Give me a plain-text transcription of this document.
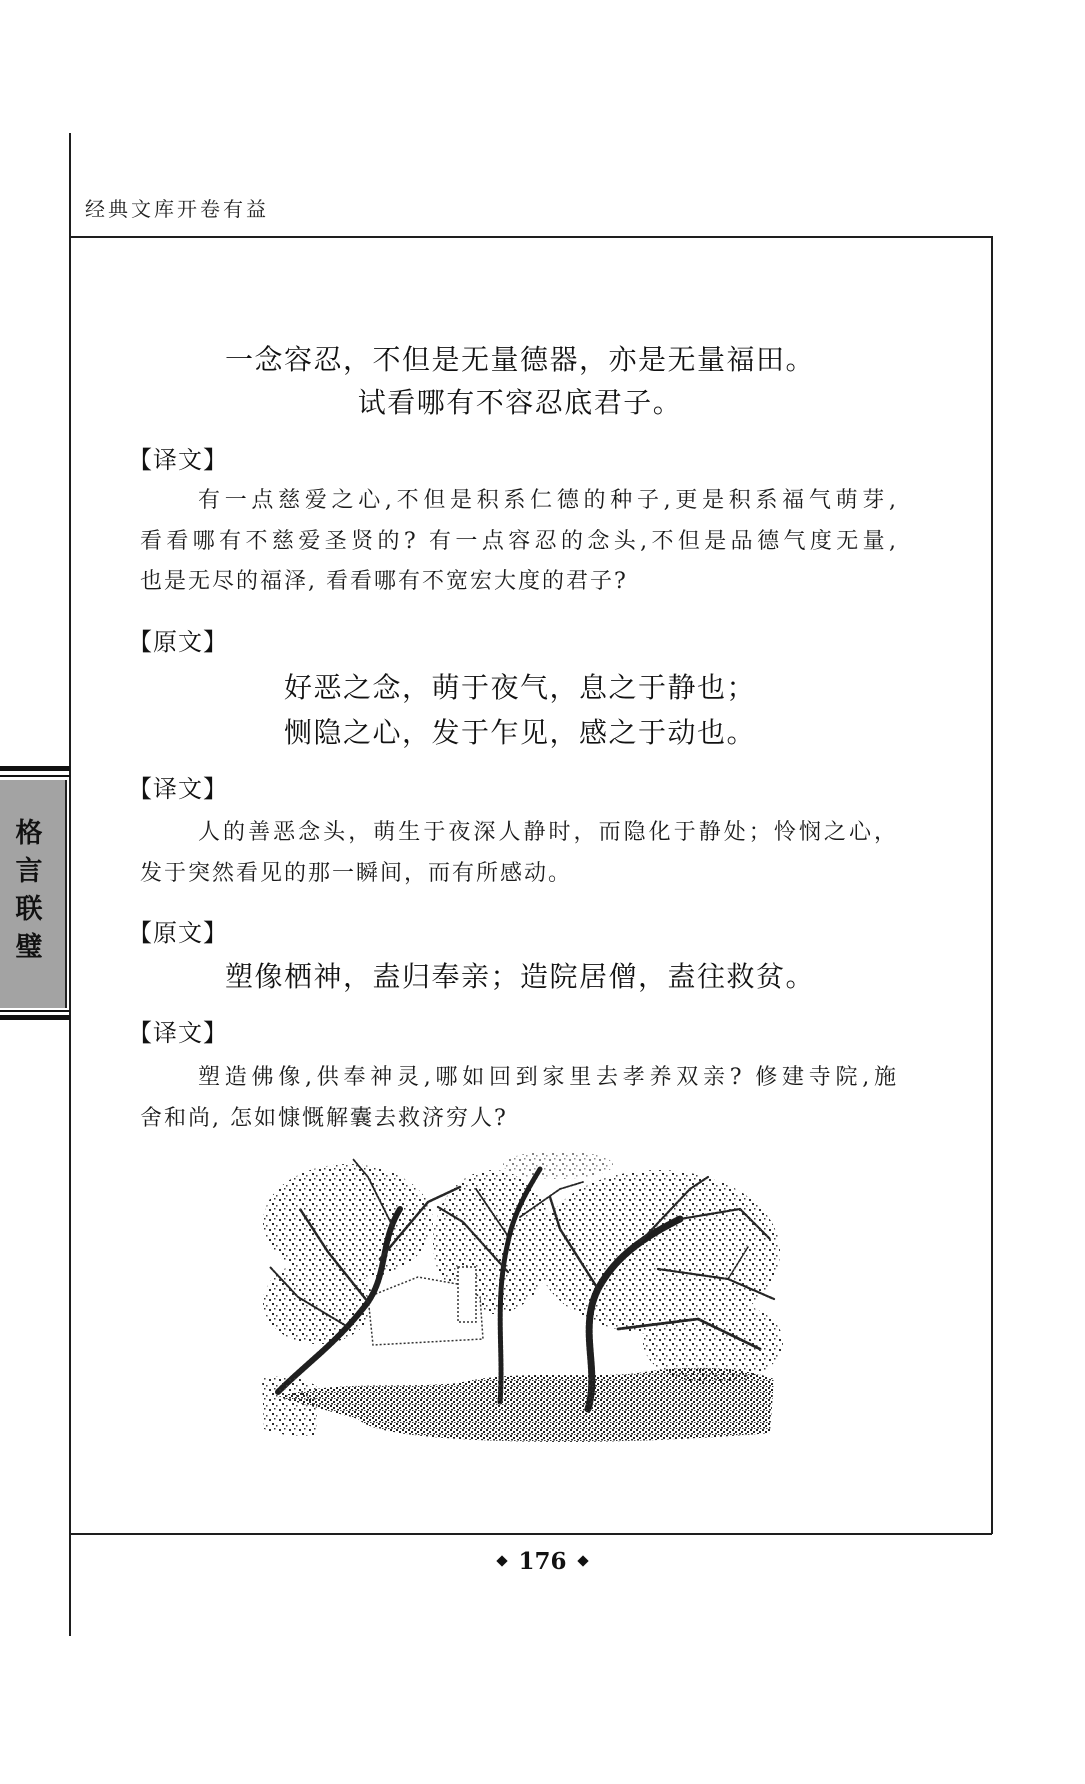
经典文库开卷有益
格言联璧
一念容忍，不但是无量德器，亦是无量福田。
试看哪有不容忍底君子。
【译文】
有一点慈爱之心,不但是积系仁德的种子,更是积系福气萌芽,
看看哪有不慈爱圣贤的? 有一点容忍的念头,不但是品德气度无量,
也是无尽的福泽, 看看哪有不宽宏大度的君子?
【原文】
好恶之念，萌于夜气，息之于静也；
恻隐之心，发于乍见，感之于动也。
【译文】
人的善恶念头，萌生于夜深人静时，而隐化于静处；怜悯之心，
发于突然看见的那一瞬间，而有所感动。
【原文】
塑像栖神，盍归奉亲；造院居僧，盍往救贫。
【译文】
塑造佛像,供奉神灵,哪如回到家里去孝养双亲? 修建寺院,施
舍和尚, 怎如慷慨解囊去救济穷人?
176
